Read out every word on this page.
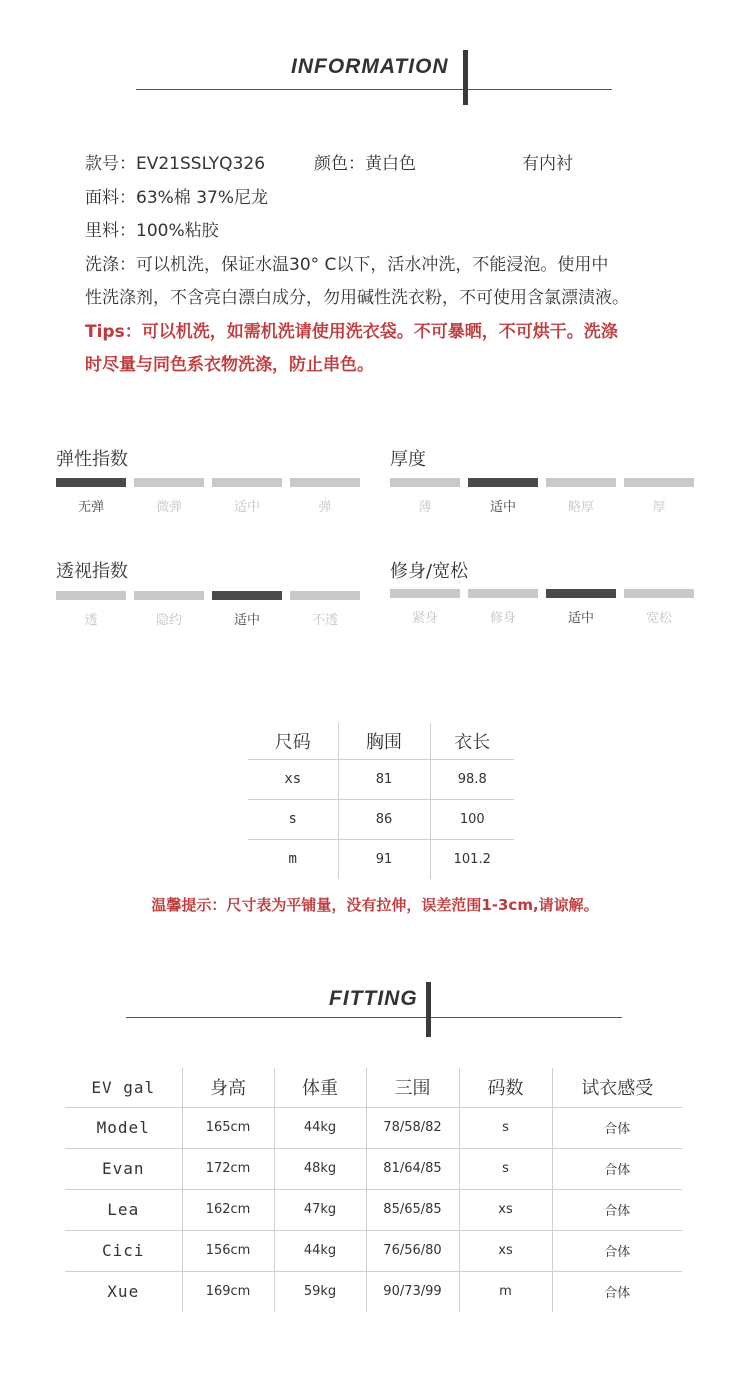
INFORMATION

款号：EV21SSLYQ326	颜色：黄白色	有内衬

面料：63%棉 37%尼龙

里料：100%粘胶

洗涤：可以机洗，保证水温30° C以下，活水冲洗，不能浸泡。使用中

性洗涤剂，不含亮白漂白成分，勿用碱性洗衣粉，不可使用含氯漂渍液。

Tips：可以机洗，如需机洗请使用洗衣袋。不可暴晒，不可烘干。洗涤

时尽量与同色系衣物洗涤，防止串色。

弹性指数
无弹	微弹	适中	弹
厚度
薄	适中	略厚	厚
透视指数
透	隐约	适中	不透
修身/宽松
紧身	修身	适中	宽松
尺码	胸围	衣长
xs	81	98.8
s	86	100
m	91	101.2
温馨提示：尺寸表为平铺量，没有拉伸，误差范围1-3cm,请谅解。
FITTING
EV gal	身高	体重	三围	码数	试衣感受
Model	165cm	44kg	78/58/82	s	合体
Evan	172cm	48kg	81/64/85	s	合体
Lea	162cm	47kg	85/65/85	xs	合体
Cici	156cm	44kg	76/56/80	xs	合体
Xue	169cm	59kg	90/73/99	m	合体
